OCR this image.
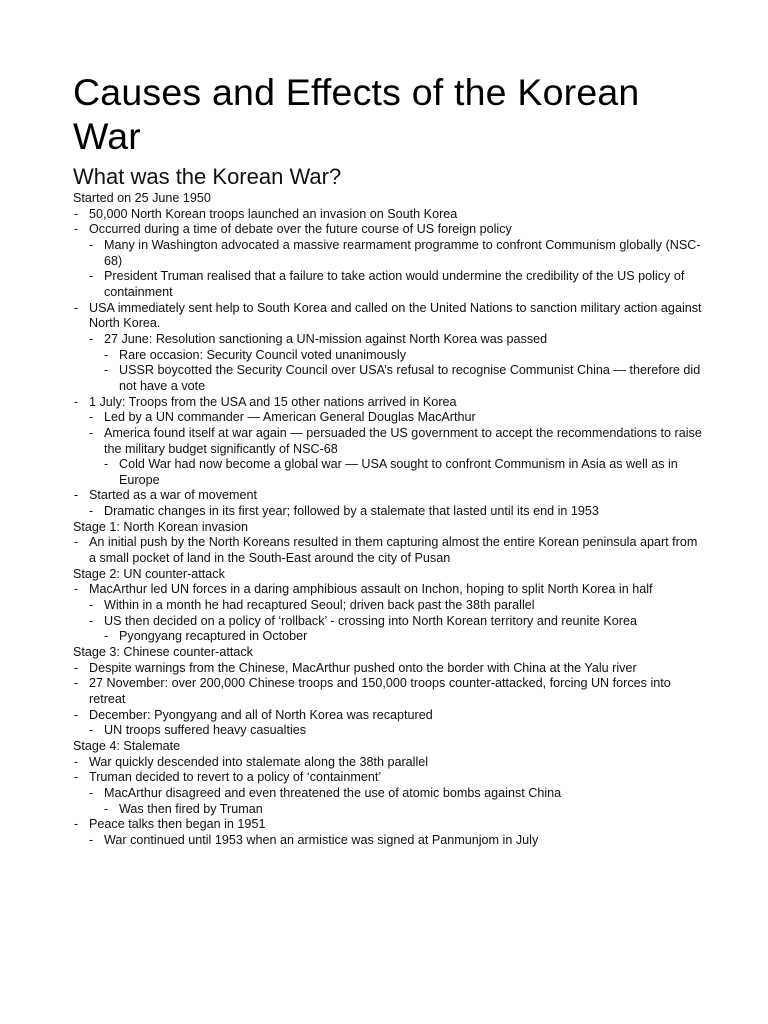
Causes and Effects of the Korean War
What was the Korean War?
Started on 25 June 1950
- 50,000 North Korean troops launched an invasion on South Korea
- Occurred during a time of debate over the future course of US foreign policy
- Many in Washington advocated a massive rearmament programme to confront Communism globally (NSC-68)
- President Truman realised that a failure to take action would undermine the credibility of the US policy of containment
- USA immediately sent help to South Korea and called on the United Nations to sanction military action against North Korea.
- 27 June: Resolution sanctioning a UN-mission against North Korea was passed
- Rare occasion: Security Council voted unanimously
- USSR boycotted the Security Council over USA’s refusal to recognise Communist China — therefore did not have a vote
- 1 July: Troops from the USA and 15 other nations arrived in Korea
- Led by a UN commander — American General Douglas MacArthur
- America found itself at war again — persuaded the US government to accept the recommendations to raise the military budget significantly of NSC-68
- Cold War had now become a global war — USA sought to confront Communism in Asia as well as in Europe
- Started as a war of movement
- Dramatic changes in its first year; followed by a stalemate that lasted until its end in 1953
Stage 1: North Korean invasion
- An initial push by the North Koreans resulted in them capturing almost the entire Korean peninsula apart from a small pocket of land in the South-East around the city of Pusan
Stage 2: UN counter-attack
- MacArthur led UN forces in a daring amphibious assault on Inchon, hoping to split North Korea in half
- Within in a month he had recaptured Seoul; driven back past the 38th parallel
- US then decided on a policy of ‘rollback’ - crossing into North Korean territory and reunite Korea
- Pyongyang recaptured in October
Stage 3: Chinese counter-attack
- Despite warnings from the Chinese, MacArthur pushed onto the border with China at the Yalu river
- 27 November: over 200,000 Chinese troops and 150,000 troops counter-attacked, forcing UN forces into retreat
- December: Pyongyang and all of North Korea was recaptured
- UN troops suffered heavy casualties
Stage 4: Stalemate
- War quickly descended into stalemate along the 38th parallel
- Truman decided to revert to a policy of ‘containment’
- MacArthur disagreed and even threatened the use of atomic bombs against China
- Was then fired by Truman
- Peace talks then began in 1951
- War continued until 1953 when an armistice was signed at Panmunjom in July
